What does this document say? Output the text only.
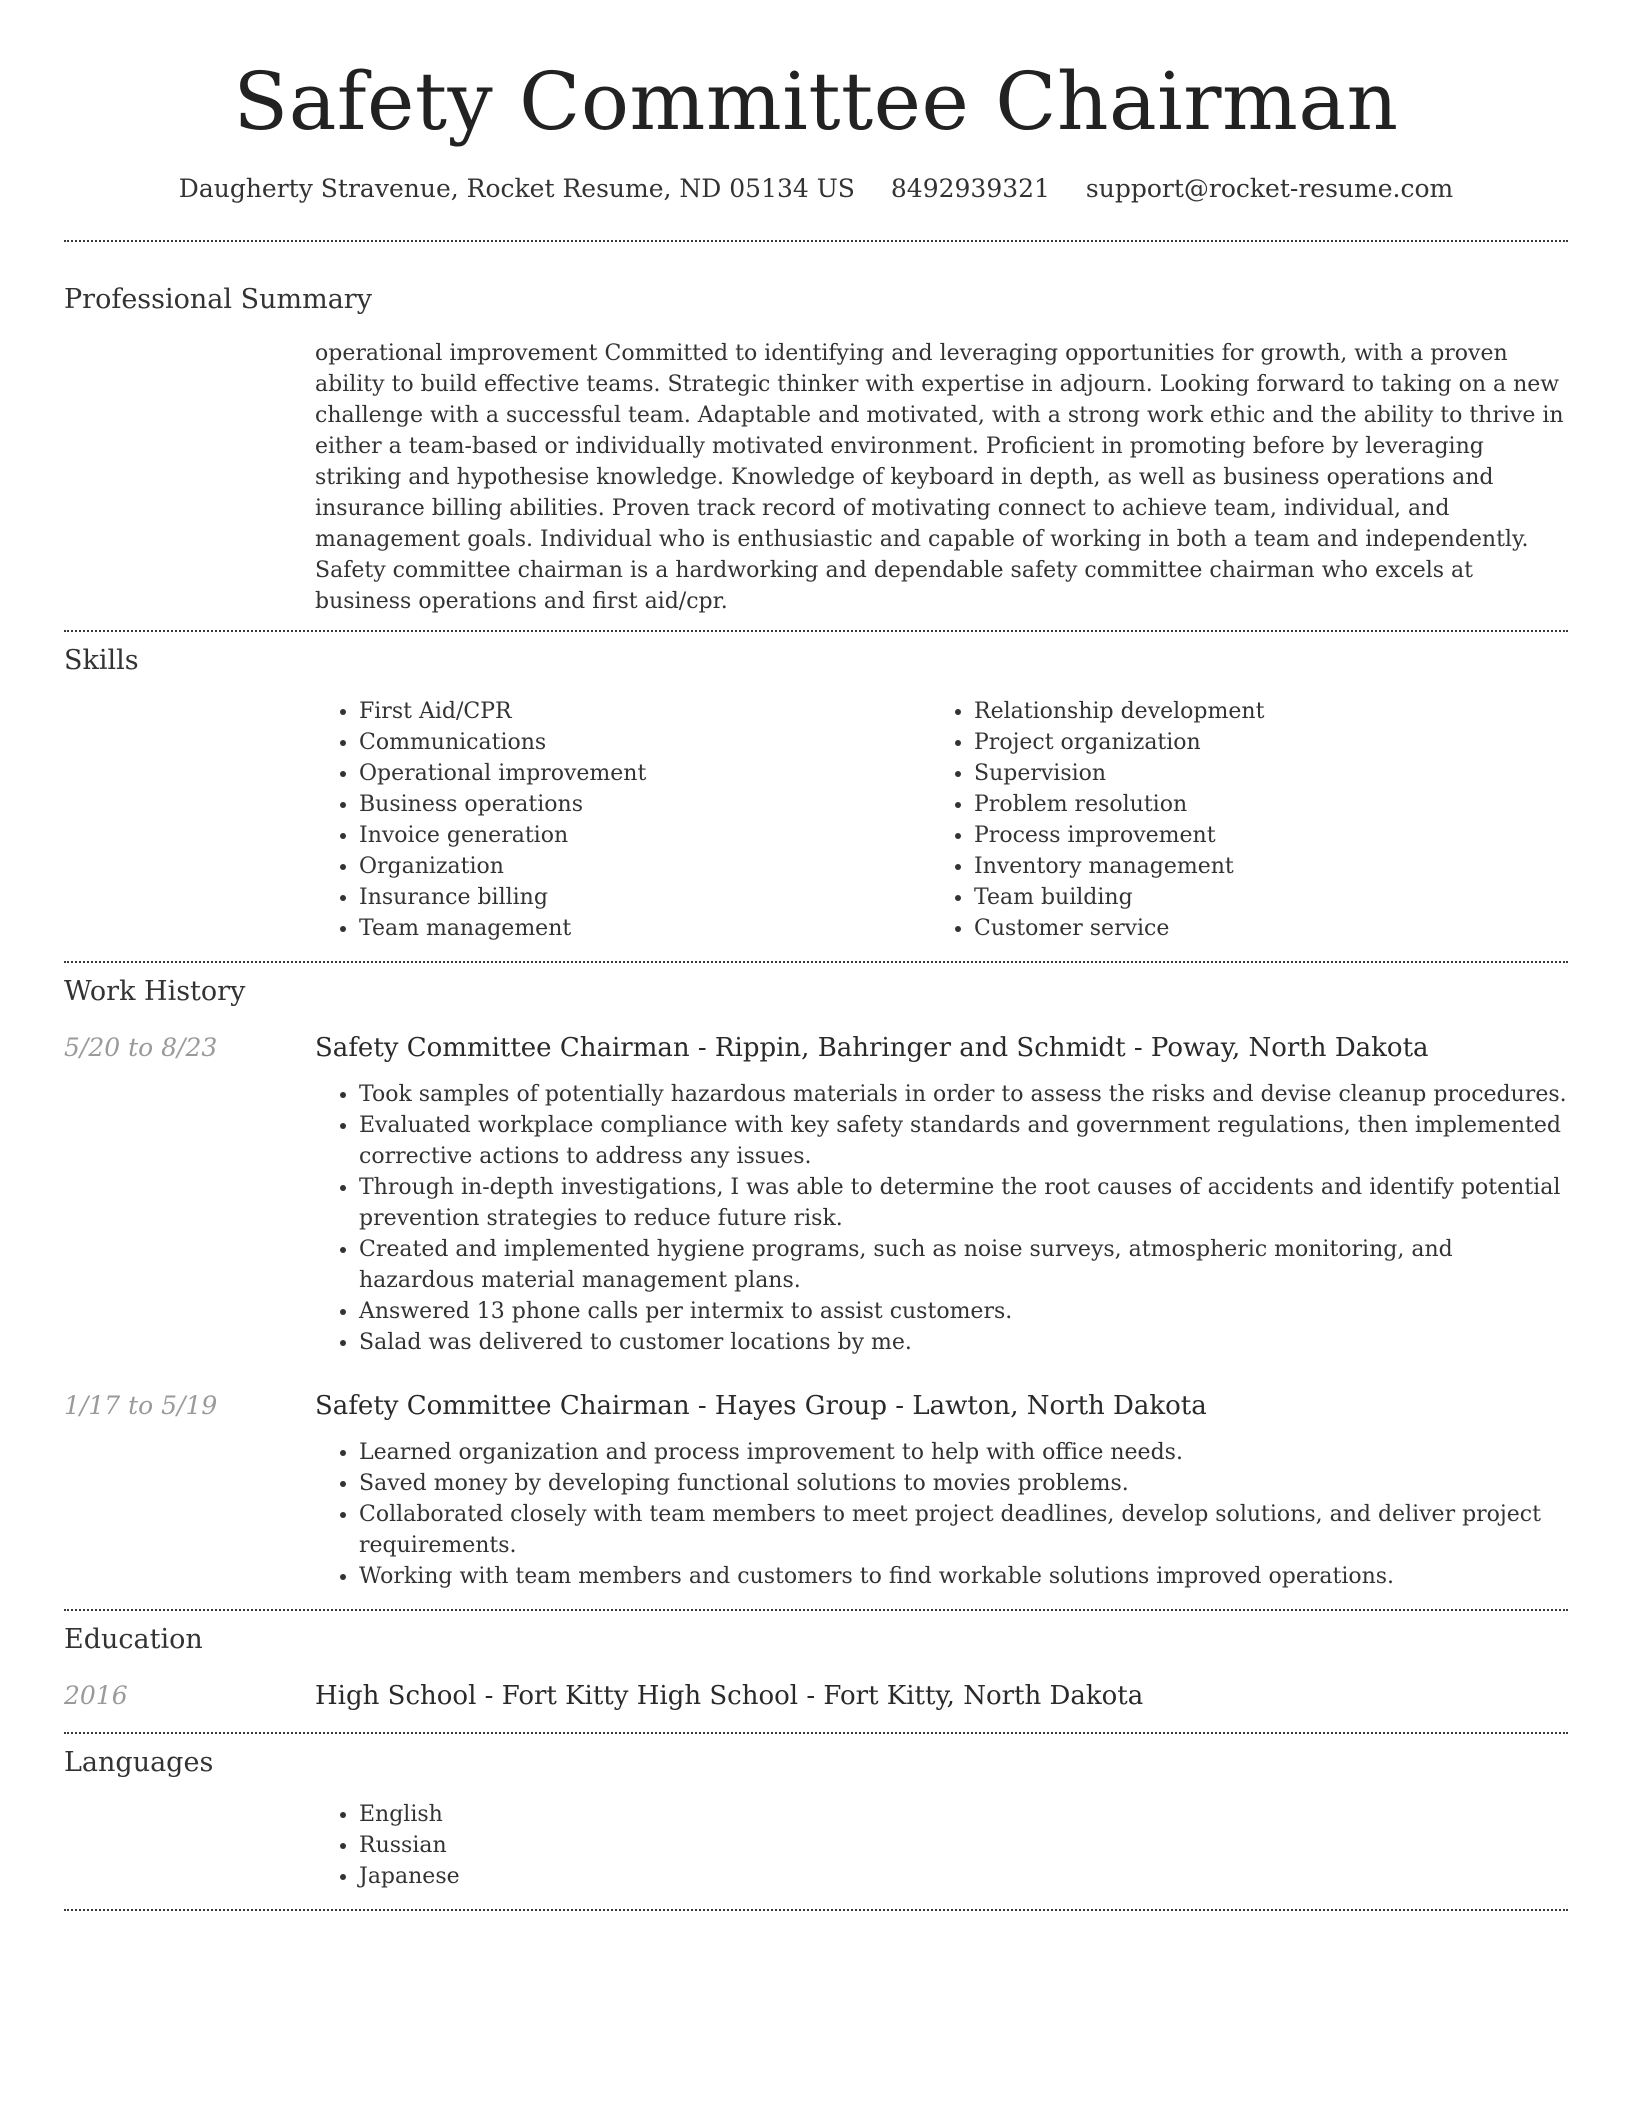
Safety Committee Chairman
Daugherty Stravenue, Rocket Resume, ND 05134 US 8492939321 support@rocket-resume.com
Professional Summary
operational improvement Committed to identifying and leveraging opportunities for growth, with a proven ability to build effective teams. Strategic thinker with expertise in adjourn. Looking forward to taking on a new challenge with a successful team. Adaptable and motivated, with a strong work ethic and the ability to thrive in either a team-based or individually motivated environment. Proficient in promoting before by leveraging striking and hypothesise knowledge. Knowledge of keyboard in depth, as well as business operations and insurance billing abilities. Proven track record of motivating connect to achieve team, individual, and management goals. Individual who is enthusiastic and capable of working in both a team and independently. Safety committee chairman is a hardworking and dependable safety committee chairman who excels at business operations and first aid/cpr.
Skills
• First Aid/CPR
• Communications
• Operational improvement
• Business operations
• Invoice generation
• Organization
• Insurance billing
• Team management
• Relationship development
• Project organization
• Supervision
• Problem resolution
• Process improvement
• Inventory management
• Team building
• Customer service
Work History
5/20 to 8/23	Safety Committee Chairman - Rippin, Bahringer and Schmidt - Poway, North Dakota
• Took samples of potentially hazardous materials in order to assess the risks and devise cleanup procedures.
• Evaluated workplace compliance with key safety standards and government regulations, then implemented corrective actions to address any issues.
• Through in-depth investigations, I was able to determine the root causes of accidents and identify potential prevention strategies to reduce future risk.
• Created and implemented hygiene programs, such as noise surveys, atmospheric monitoring, and hazardous material management plans.
• Answered 13 phone calls per intermix to assist customers.
• Salad was delivered to customer locations by me.
1/17 to 5/19	Safety Committee Chairman - Hayes Group - Lawton, North Dakota
• Learned organization and process improvement to help with office needs.
• Saved money by developing functional solutions to movies problems.
• Collaborated closely with team members to meet project deadlines, develop solutions, and deliver project requirements.
• Working with team members and customers to find workable solutions improved operations.
Education
2016	High School - Fort Kitty High School - Fort Kitty, North Dakota
Languages
• English
• Russian
• Japanese
